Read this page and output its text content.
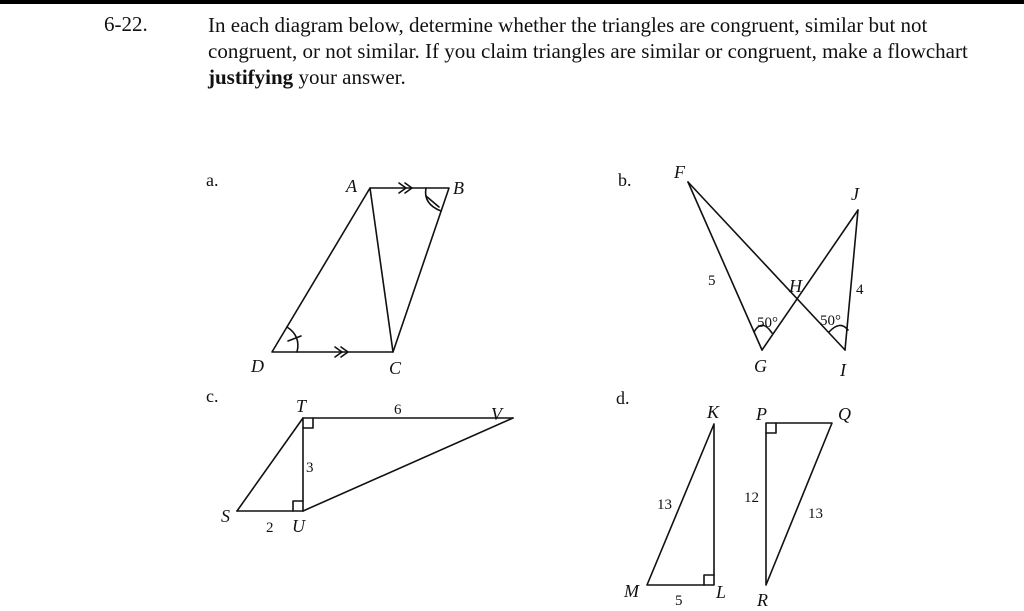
6-22.	In each diagram below, determine whether the triangles are congruent, similar but not congruent, or not similar. If you claim triangles are similar or congruent, make a flowchart justifying your answer.
a.	A	B
C
D
b. F
J
H
G	I
5
4
50°	50°
c.	T	V
S	U
6
3
2
d.
K
M	L
P	Q
R
13
5
12
13
